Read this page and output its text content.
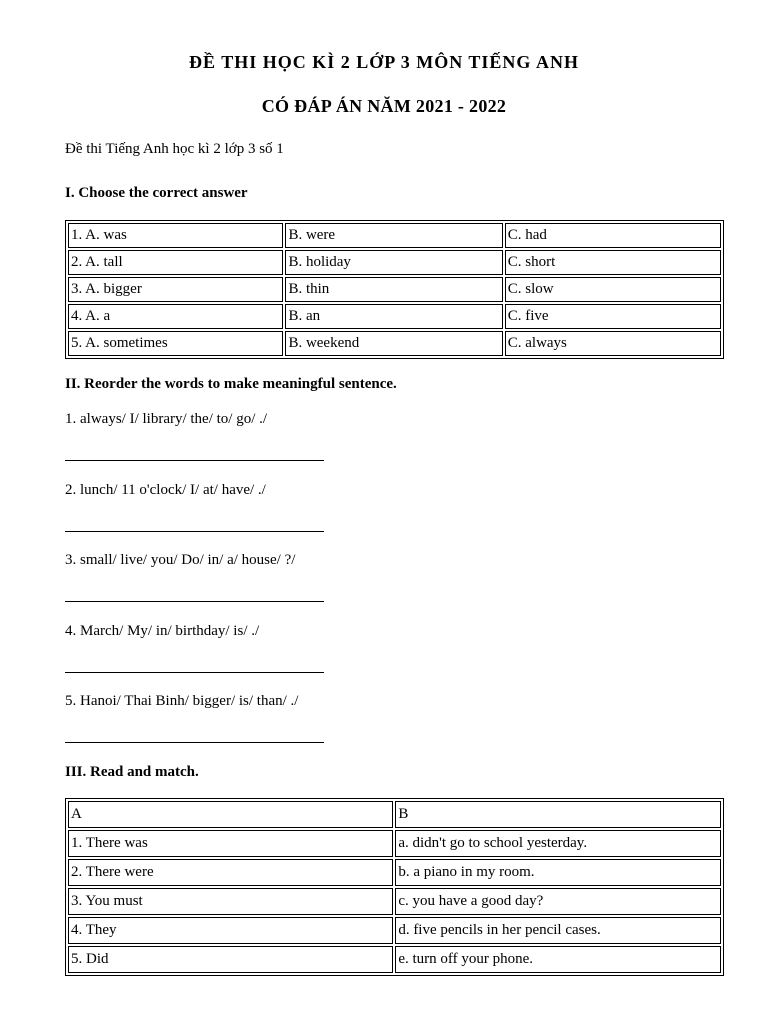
ĐỀ THI HỌC KÌ 2 LỚP 3 MÔN TIẾNG ANH

CÓ ĐÁP ÁN NĂM 2021 - 2022

Đề thi Tiếng Anh học kì 2 lớp 3 số 1

I. Choose the correct answer

1. A. was	B. were	C. had
2. A. tall	B. holiday	C. short
3. A. bigger	B. thin	C. slow
4. A. a	B. an	C. five
5. A. sometimes	B. weekend	C. always

II. Reorder the words to make meaningful sentence.

1. always/ I/ library/ the/ to/ go/ ./

2. lunch/ 11 o'clock/ I/ at/ have/ ./

3. small/ live/ you/ Do/ in/ a/ house/ ?/

4. March/ My/ in/ birthday/ is/ ./

5. Hanoi/ Thai Binh/ bigger/ is/ than/ ./

III. Read and match.

A	B
1. There was	a. didn't go to school yesterday.
2. There were	b. a piano in my room.
3. You must	c. you have a good day?
4. They	d. five pencils in her pencil cases.
5. Did	e. turn off your phone.
